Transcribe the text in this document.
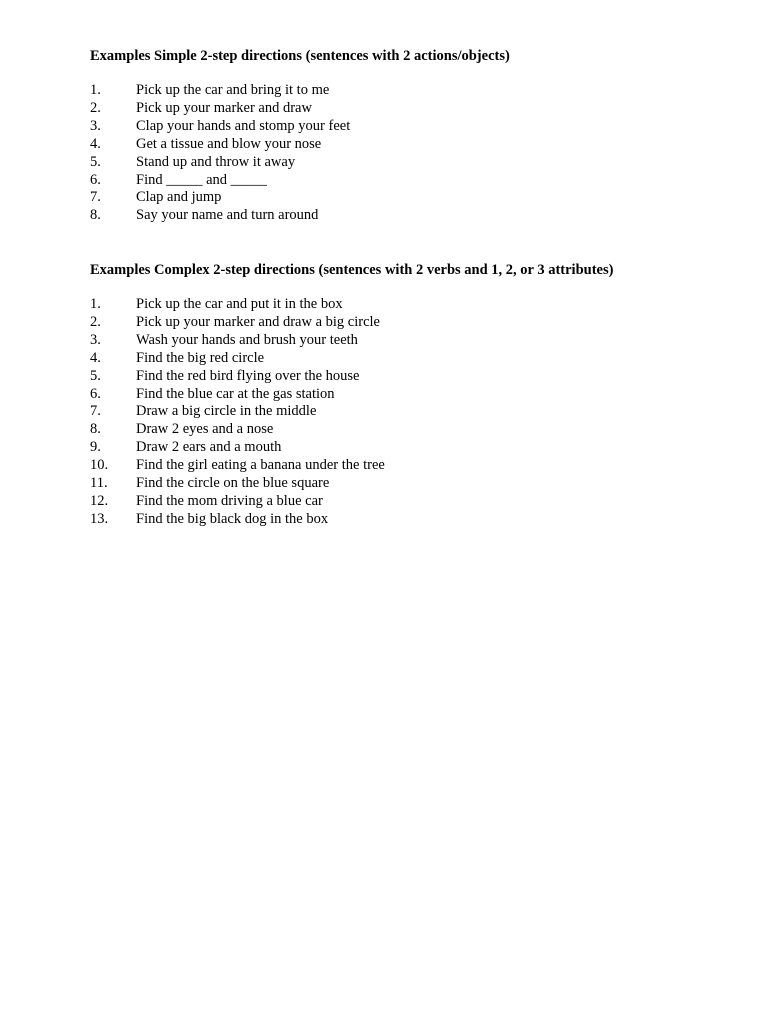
Examples Simple 2-step directions (sentences with 2 actions/objects)
1.	Pick up the car and bring it to me
2.	Pick up your marker and draw
3.	Clap your hands and stomp your feet
4.	Get a tissue and blow your nose
5.	Stand up and throw it away
6.	Find _____ and _____
7.	Clap and jump
8.	Say your name and turn around
Examples Complex 2-step directions (sentences with 2 verbs and 1, 2, or 3 attributes)
1.	Pick up the car and put it in the box
2.	Pick up your marker and draw a big circle
3.	Wash your hands and brush your teeth
4.	Find the big red circle
5.	Find the red bird flying over the house
6.	Find the blue car at the gas station
7.	Draw a big circle in the middle
8.	Draw 2 eyes and a nose
9.	Draw 2 ears and a mouth
10.	Find the girl eating a banana under the tree
11.	Find the circle on the blue square
12.	Find the mom driving a blue car
13.	Find the big black dog in the box
